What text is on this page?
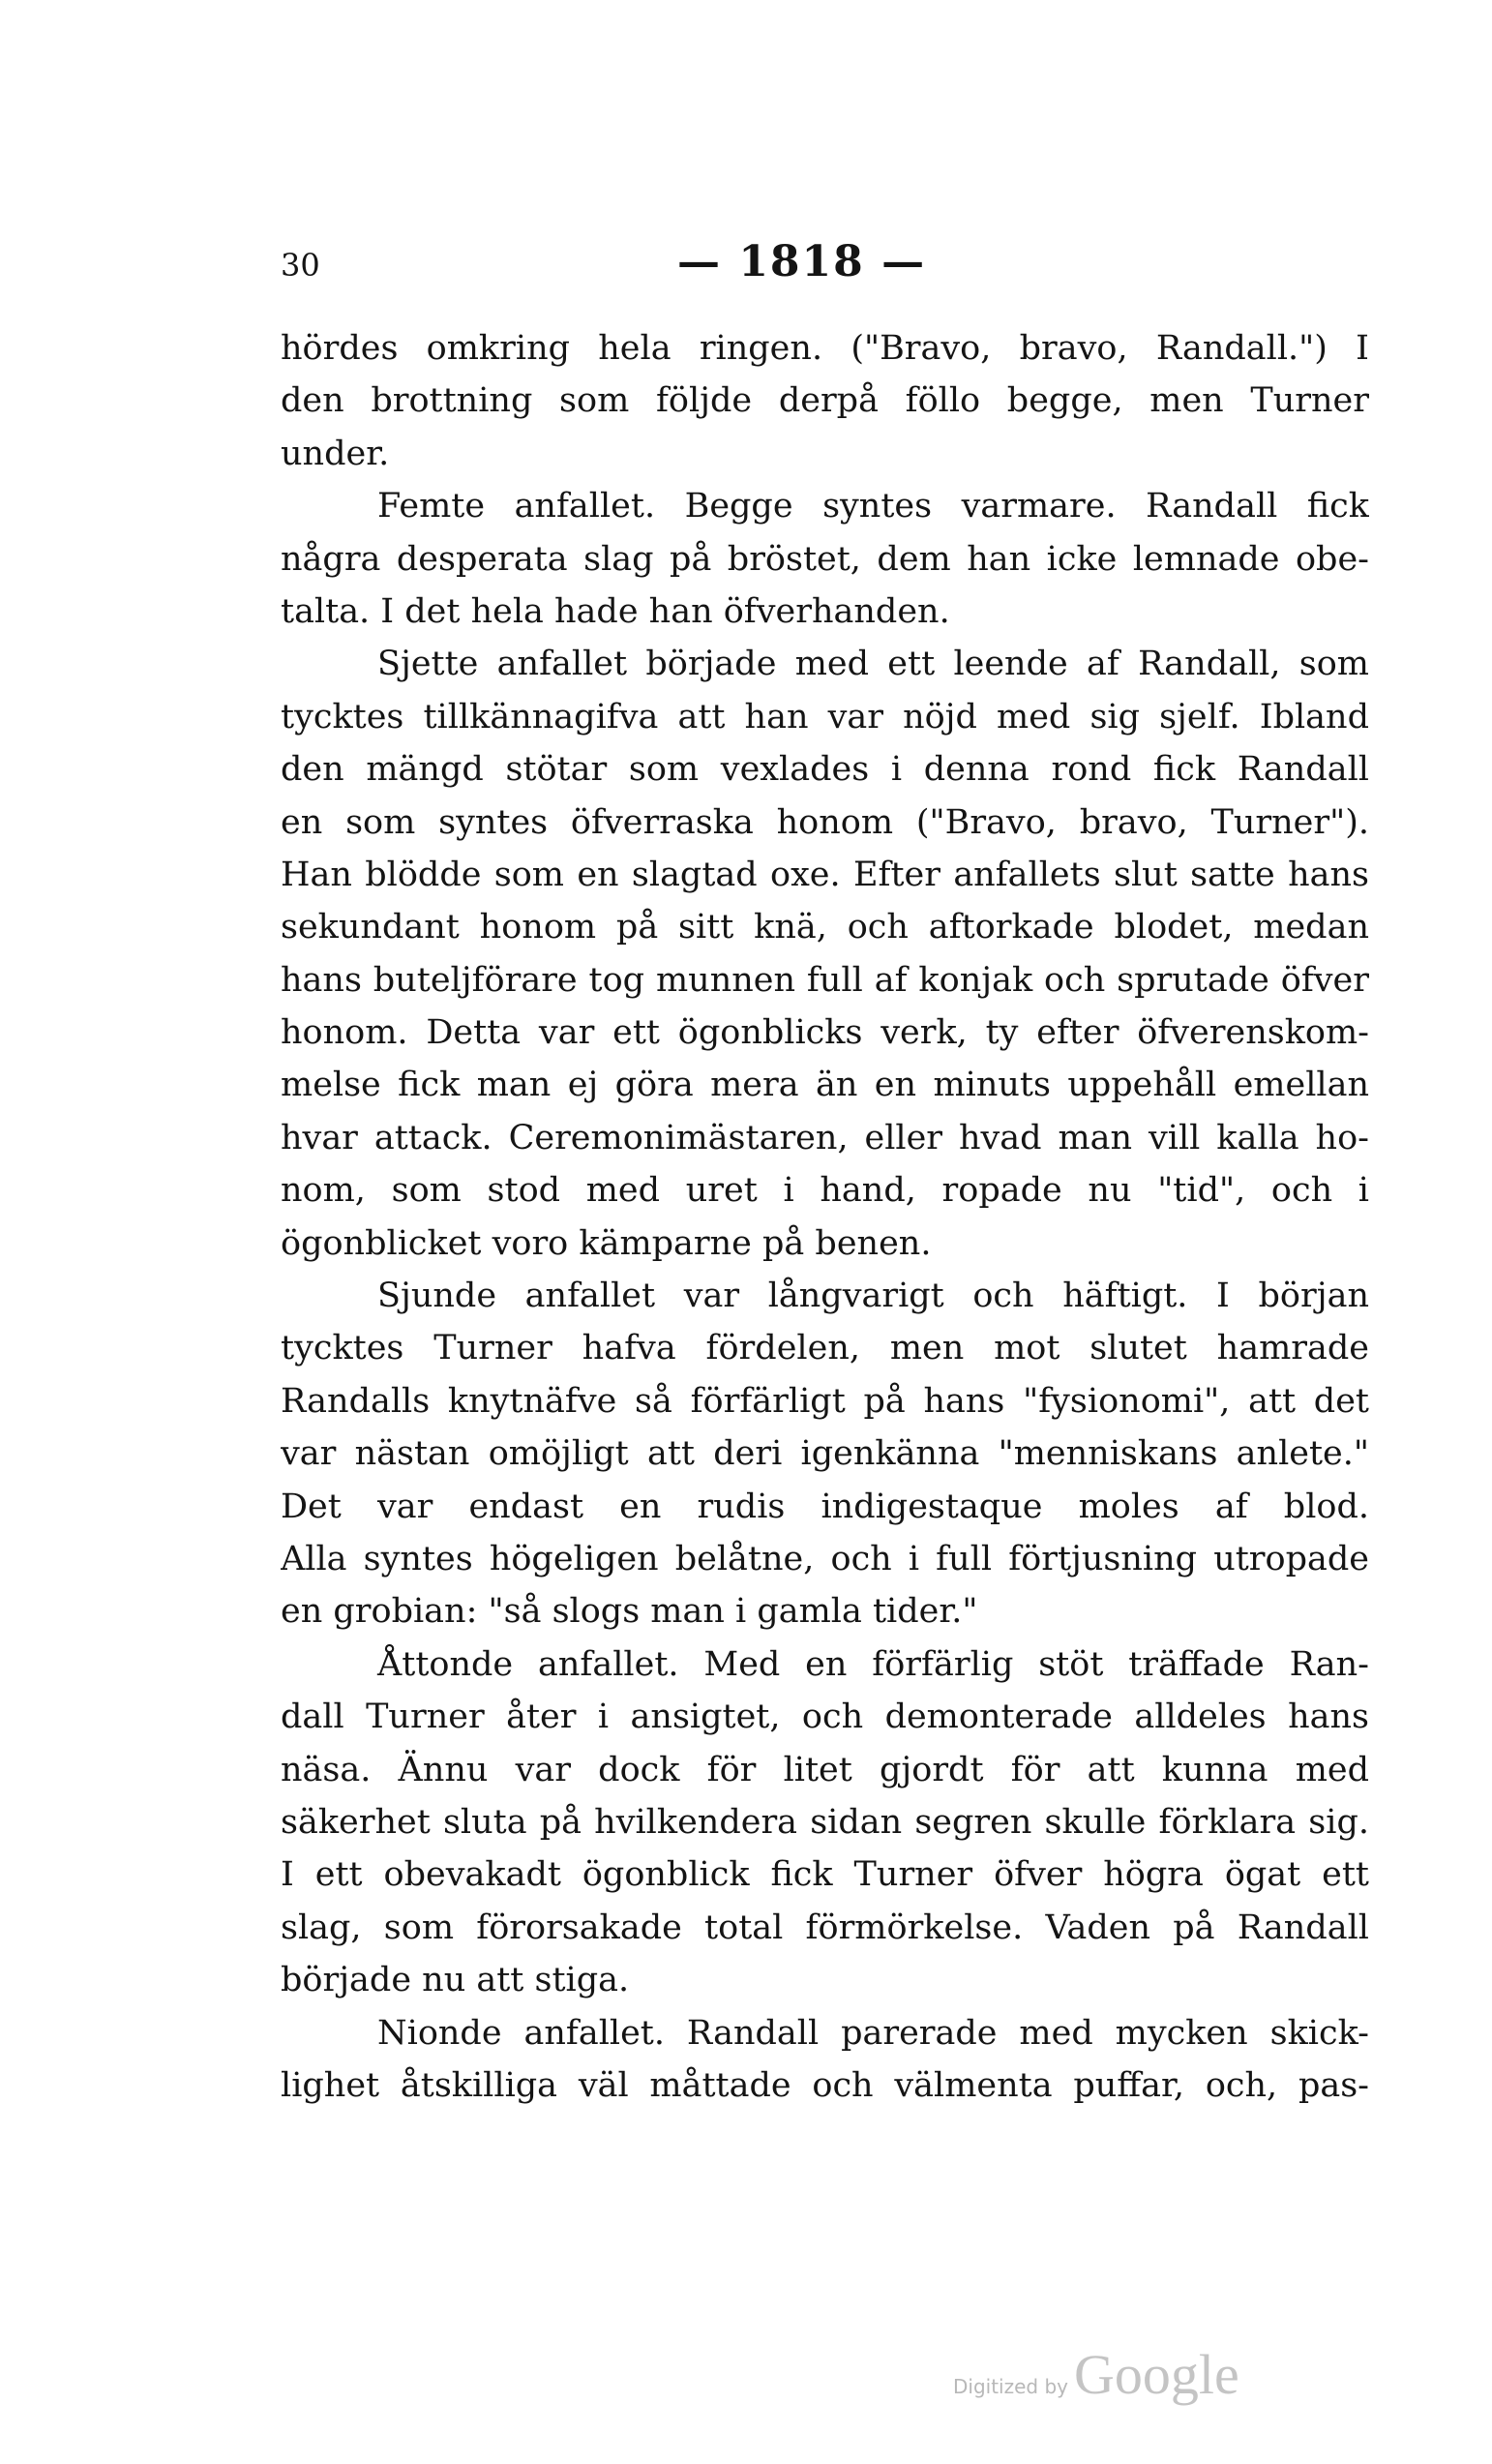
30	— 1818 —
hördes omkring hela ringen. ("Bravo, bravo, Randall.") I
den brottning som följde derpå föllo begge, men Turner
under.
Femte anfallet. Begge syntes varmare. Randall fick
några desperata slag på bröstet, dem han icke lemnade obe-
talta. I det hela hade han öfverhanden.
Sjette anfallet började med ett leende af Randall, som
tycktes tillkännagifva att han var nöjd med sig sjelf. Ibland
den mängd stötar som vexlades i denna rond fick Randall
en som syntes öfverraska honom ("Bravo, bravo, Turner").
Han blödde som en slagtad oxe. Efter anfallets slut satte hans
sekundant honom på sitt knä, och aftorkade blodet, medan
hans buteljförare tog munnen full af konjak och sprutade öfver
honom. Detta var ett ögonblicks verk, ty efter öfverenskom-
melse fick man ej göra mera än en minuts uppehåll emellan
hvar attack. Ceremonimästaren, eller hvad man vill kalla ho-
nom, som stod med uret i hand, ropade nu "tid", och i
ögonblicket voro kämparne på benen.
Sjunde anfallet var långvarigt och häftigt. I början
tycktes Turner hafva fördelen, men mot slutet hamrade
Randalls knytnäfve så förfärligt på hans "fysionomi", att det
var nästan omöjligt att deri igenkänna "menniskans anlete."
Det var endast en rudis indigestaque moles af blod.
Alla syntes högeligen belåtne, och i full förtjusning utropade
en grobian: "så slogs man i gamla tider."
Åttonde anfallet. Med en förfärlig stöt träffade Ran-
dall Turner åter i ansigtet, och demonterade alldeles hans
näsa. Ännu var dock för litet gjordt för att kunna med
säkerhet sluta på hvilkendera sidan segren skulle förklara sig.
I ett obevakadt ögonblick fick Turner öfver högra ögat ett
slag, som förorsakade total förmörkelse. Vaden på Randall
började nu att stiga.
Nionde anfallet. Randall parerade med mycken skick-
lighet åtskilliga väl måttade och välmenta puffar, och, pas-
Digitized by Google
